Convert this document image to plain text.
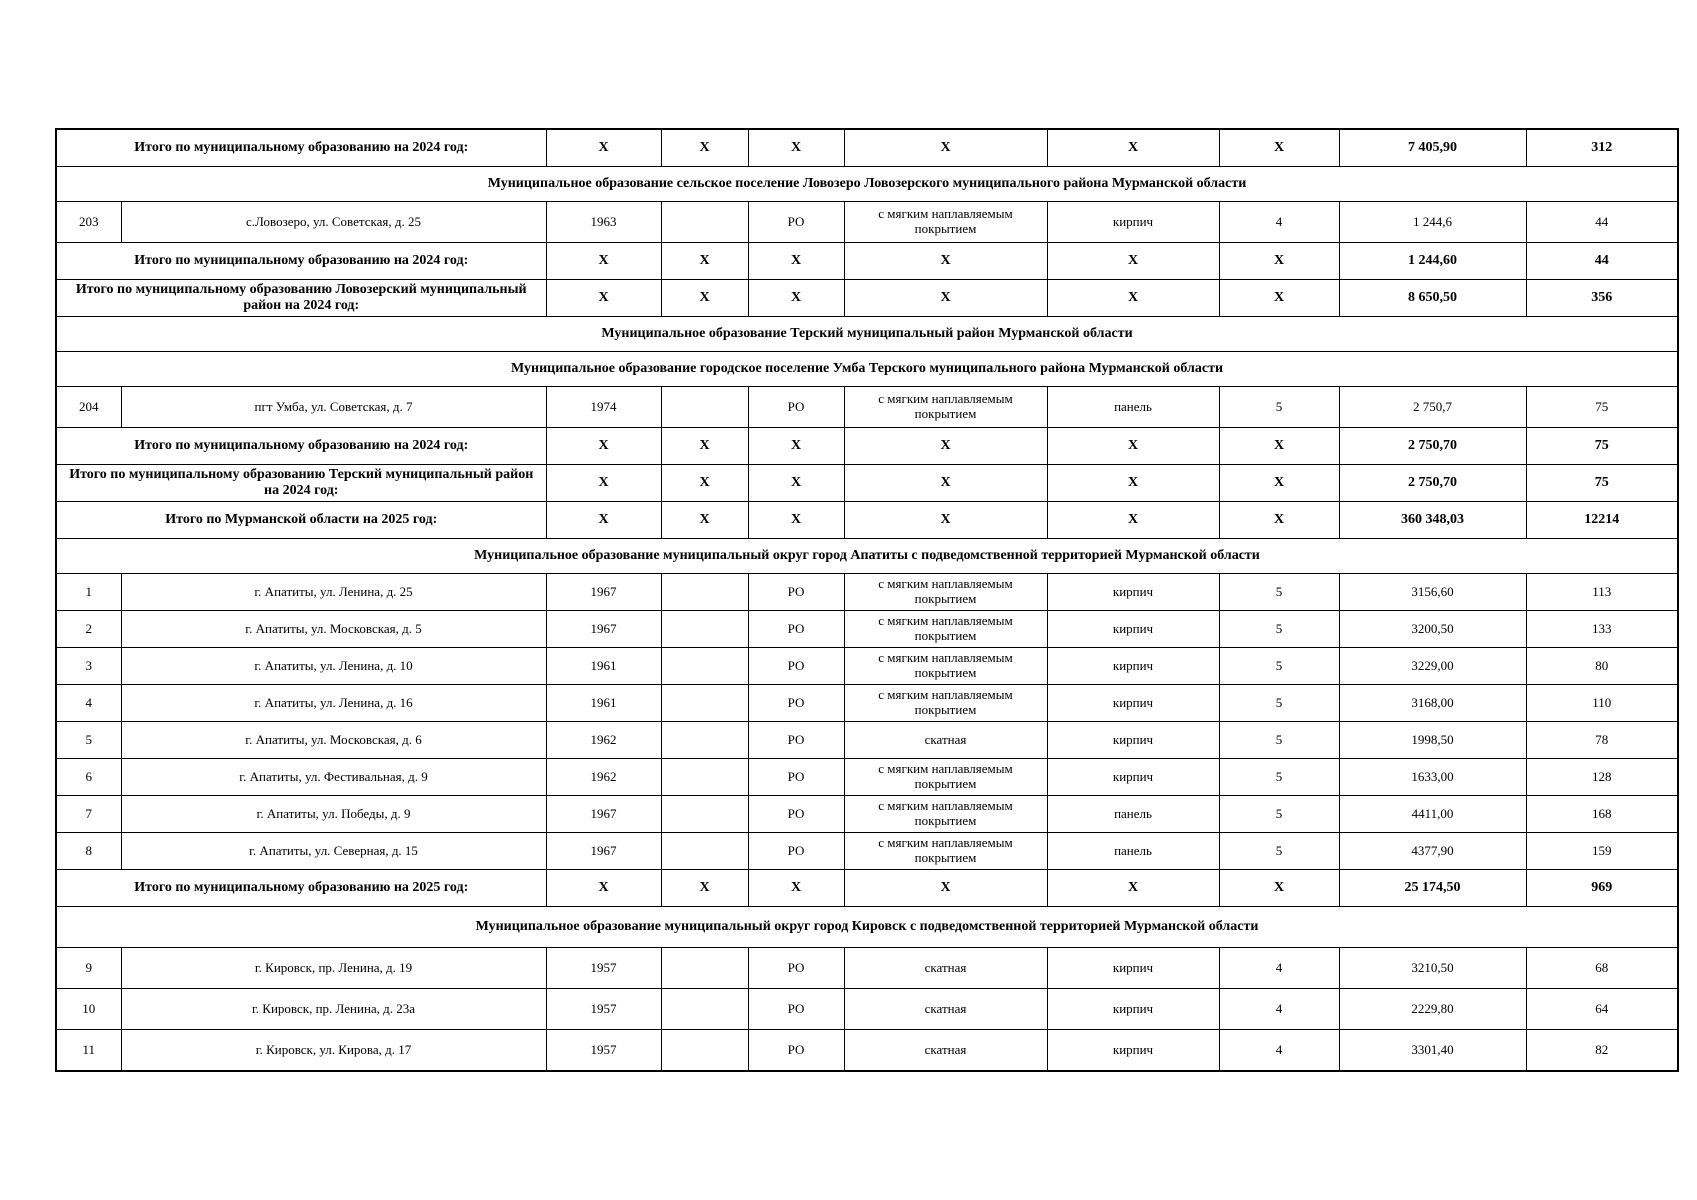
Итого по муниципальному образованию на 2024 год:		X	X	X	X	X	X	7 405,90	312
Муниципальное образование сельское поселение Ловозеро Ловозерского муниципального района Мурманской области									
203	с.Ловозеро, ул. Советская, д. 25	1963		РО	с мягким наплавляемым покрытием	кирпич	4	1 244,6	44
Итого по муниципальному образованию на 2024 год:		X	X	X	X	X	X	1 244,60	44
Итого по муниципальному образованию Ловозерский муниципальный район на 2024 год:		X	X	X	X	X	X	8 650,50	356
Муниципальное образование Терский муниципальный район Мурманской области									
Муниципальное образование городское поселение Умба Терского муниципального района Мурманской области									
204	пгт Умба, ул. Советская, д. 7	1974		РО	с мягким наплавляемым покрытием	панель	5	2 750,7	75
Итого по муниципальному образованию на 2024 год:		X	X	X	X	X	X	2 750,70	75
Итого по муниципальному образованию Терский муниципальный район на 2024 год:		X	X	X	X	X	X	2 750,70	75
Итого по Мурманской области на 2025 год:		X	X	X	X	X	X	360 348,03	12214
Муниципальное образование муниципальный округ город Апатиты с подведомственной территорией Мурманской области									
1	г. Апатиты, ул. Ленина, д. 25	1967		РО	с мягким наплавляемым покрытием	кирпич	5	3156,60	113
2	г. Апатиты, ул. Московская, д. 5	1967		РО	с мягким наплавляемым покрытием	кирпич	5	3200,50	133
3	г. Апатиты, ул. Ленина, д. 10	1961		РО	с мягким наплавляемым покрытием	кирпич	5	3229,00	80
4	г. Апатиты, ул. Ленина, д. 16	1961		РО	с мягким наплавляемым покрытием	кирпич	5	3168,00	110
5	г. Апатиты, ул. Московская, д. 6	1962		РО	скатная	кирпич	5	1998,50	78
6	г. Апатиты, ул. Фестивальная, д. 9	1962		РО	с мягким наплавляемым покрытием	кирпич	5	1633,00	128
7	г. Апатиты, ул. Победы, д. 9	1967		РО	с мягким наплавляемым покрытием	панель	5	4411,00	168
8	г. Апатиты, ул. Северная, д. 15	1967		РО	с мягким наплавляемым покрытием	панель	5	4377,90	159
Итого по муниципальному образованию на 2025 год:		X	X	X	X	X	X	25 174,50	969
Муниципальное образование муниципальный округ город Кировск с подведомственной территорией Мурманской области									
9	г. Кировск, пр. Ленина, д. 19	1957		РО	скатная	кирпич	4	3210,50	68
10	г. Кировск, пр. Ленина, д. 23а	1957		РО	скатная	кирпич	4	2229,80	64
11	г. Кировск, ул. Кирова, д. 17	1957		РО	скатная	кирпич	4	3301,40	82
